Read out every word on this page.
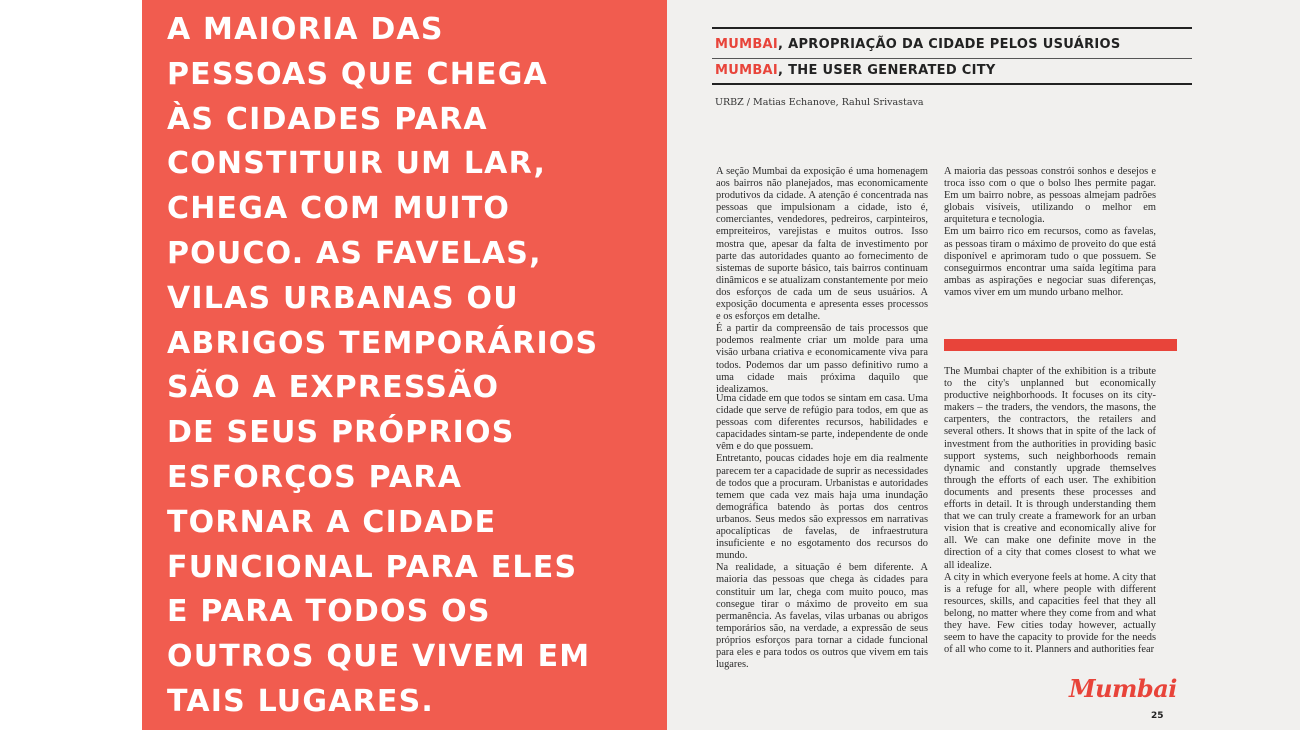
A MAIORIA DAS
PESSOAS QUE CHEGA
ÀS CIDADES PARA
CONSTITUIR UM LAR,
CHEGA COM MUITO
POUCO. AS FAVELAS,
VILAS URBANAS OU
ABRIGOS TEMPORÁRIOS
SÃO A EXPRESSÃO
DE SEUS PRÓPRIOS
ESFORÇOS PARA
TORNAR A CIDADE
FUNCIONAL PARA ELES
E PARA TODOS OS
OUTROS QUE VIVEM EM
TAIS LUGARES.
MUMBAI, APROPRIAÇÃO DA CIDADE PELOS USUÁRIOS
MUMBAI, THE USER GENERATED CITY
URBZ / Matias Echanove, Rahul Srivastava

A seção Mumbai da exposição é uma homenagem aos bairros não planejados, mas economicamente produtivos da cidade. A atenção é concentrada nas pessoas que impulsionam a cidade, isto é, comerciantes, vendedores, pedreiros, carpinteiros, empreiteiros, varejistas e muitos outros. Isso mostra que, apesar da falta de investimento por parte das autoridades quanto ao fornecimento de sistemas de suporte básico, tais bairros continuam dinâmicos e se atualizam constantemente por meio dos esforços de cada um de seus usuários. A exposição documenta e apresenta esses processos e os esforços em detalhe.

É a partir da compreensão de tais processos que podemos realmente criar um molde para uma visão urbana criativa e economicamente viva para todos. Podemos dar um passo definitivo rumo a uma cidade mais próxima daquilo que idealizamos.

Uma cidade em que todos se sintam em casa. Uma cidade que serve de refúgio para todos, em que as pessoas com diferentes recursos, habilidades e capacidades sintam-se parte, independente de onde vêm e do que possuem.

Entretanto, poucas cidades hoje em dia realmente parecem ter a capacidade de suprir as necessidades de todos que a procuram. Urbanistas e autoridades temem que cada vez mais haja uma inundação demográfica batendo às portas dos centros urbanos. Seus medos são expressos em narrativas apocalípticas de favelas, de infraestrutura insuficiente e no esgotamento dos recursos do mundo.

Na realidade, a situação é bem diferente. A maioria das pessoas que chega às cidades para constituir um lar, chega com muito pouco, mas consegue tirar o máximo de proveito em sua permanência. As favelas, vilas urbanas ou abrigos temporários são, na verdade, a expressão de seus próprios esforços para tornar a cidade funcional para eles e para todos os outros que vivem em tais lugares.

A maioria das pessoas constrói sonhos e desejos e troca isso com o que o bolso lhes permite pagar. Em um bairro nobre, as pessoas almejam padrões globais visíveis, utilizando o melhor em arquitetura e tecnologia.

Em um bairro rico em recursos, como as favelas, as pessoas tiram o máximo de proveito do que está disponível e aprimoram tudo o que possuem. Se conseguirmos encontrar uma saída legítima para ambas as aspirações e negociar suas diferenças, vamos viver em um mundo urbano melhor.

The Mumbai chapter of the exhibition is a tribute to the city's unplanned but economically productive neighborhoods. It focuses on its city-makers – the traders, the vendors, the masons, the carpenters, the contractors, the retailers and several others. It shows that in spite of the lack of investment from the authorities in providing basic support systems, such neighborhoods remain dynamic and constantly upgrade themselves through the efforts of each user. The exhibition documents and presents these processes and efforts in detail. It is through understanding them that we can truly create a framework for an urban vision that is creative and economically alive for all. We can make one definite move in the direction of a city that comes closest to what we all idealize.

A city in which everyone feels at home. A city that is a refuge for all, where people with different resources, skills, and capacities feel that they all belong, no matter where they come from and what they have. Few cities today however, actually seem to have the capacity to provide for the needs of all who come to it. Planners and authorities fear

Mumbai
25
